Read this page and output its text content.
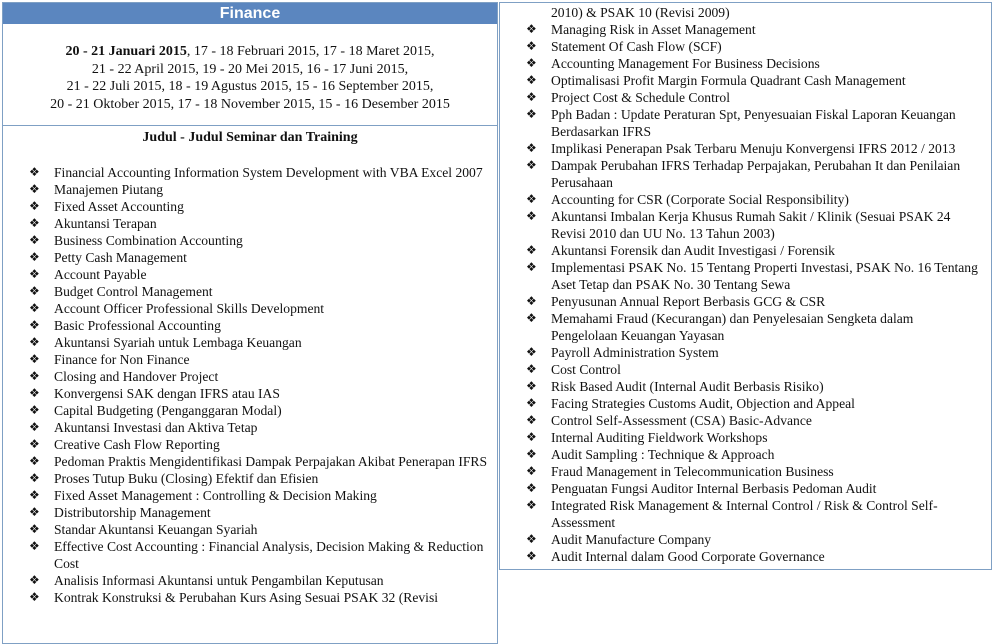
Finance
20 - 21 Januari 2015, 17 - 18 Februari 2015, 17 - 18 Maret 2015,
21 - 22 April 2015, 19 - 20 Mei 2015, 16 - 17 Juni 2015,
21 - 22 Juli 2015, 18 - 19 Agustus 2015, 15 - 16 September 2015,
20 - 21 Oktober 2015, 17 - 18 November 2015, 15 - 16 Desember 2015
Judul - Judul Seminar dan Training
❖ Financial Accounting Information System Development with VBA Excel 2007
❖ Manajemen Piutang
❖ Fixed Asset Accounting
❖ Akuntansi Terapan
❖ Business Combination Accounting
❖ Petty Cash Management
❖ Account Payable
❖ Budget Control Management
❖ Account Officer Professional Skills Development
❖ Basic Professional Accounting
❖ Akuntansi Syariah untuk Lembaga Keuangan
❖ Finance for Non Finance
❖ Closing and Handover Project
❖ Konvergensi SAK dengan IFRS atau IAS
❖ Capital Budgeting (Penganggaran Modal)
❖ Akuntansi Investasi dan Aktiva Tetap
❖ Creative Cash Flow Reporting
❖ Pedoman Praktis Mengidentifikasi Dampak Perpajakan Akibat Penerapan IFRS
❖ Proses Tutup Buku (Closing) Efektif dan Efisien
❖ Fixed Asset Management : Controlling & Decision Making
❖ Distributorship Management
❖ Standar Akuntansi Keuangan Syariah
❖ Effective Cost Accounting : Financial Analysis, Decision Making & Reduction Cost
❖ Analisis Informasi Akuntansi untuk Pengambilan Keputusan
❖ Kontrak Konstruksi & Perubahan Kurs Asing Sesuai PSAK 32 (Revisi
2010) & PSAK 10 (Revisi 2009)
❖ Managing Risk in Asset Management
❖ Statement Of Cash Flow (SCF)
❖ Accounting Management For Business Decisions
❖ Optimalisasi Profit Margin Formula Quadrant Cash Management
❖ Project Cost & Schedule Control
❖ Pph Badan : Update Peraturan Spt, Penyesuaian Fiskal Laporan Keuangan Berdasarkan IFRS
❖ Implikasi Penerapan Psak Terbaru Menuju Konvergensi IFRS 2012 / 2013
❖ Dampak Perubahan IFRS Terhadap Perpajakan, Perubahan It dan Penilaian Perusahaan
❖ Accounting for CSR (Corporate Social Responsibility)
❖ Akuntansi Imbalan Kerja Khusus Rumah Sakit / Klinik (Sesuai PSAK 24 Revisi 2010 dan UU No. 13 Tahun 2003)
❖ Akuntansi Forensik dan Audit Investigasi / Forensik
❖ Implementasi PSAK No. 15 Tentang Properti Investasi, PSAK No. 16 Tentang Aset Tetap dan PSAK No. 30 Tentang Sewa
❖ Penyusunan Annual Report Berbasis GCG & CSR
❖ Memahami Fraud (Kecurangan) dan Penyelesaian Sengketa dalam Pengelolaan Keuangan Yayasan
❖ Payroll Administration System
❖ Cost Control
❖ Risk Based Audit (Internal Audit Berbasis Risiko)
❖ Facing Strategies Customs Audit, Objection and Appeal
❖ Control Self-Assessment (CSA) Basic-Advance
❖ Internal Auditing Fieldwork Workshops
❖ Audit Sampling : Technique & Approach
❖ Fraud Management in Telecommunication Business
❖ Penguatan Fungsi Auditor Internal Berbasis Pedoman Audit
❖ Integrated Risk Management & Internal Control / Risk & Control Self-Assessment
❖ Audit Manufacture Company
❖ Audit Internal dalam Good Corporate Governance
